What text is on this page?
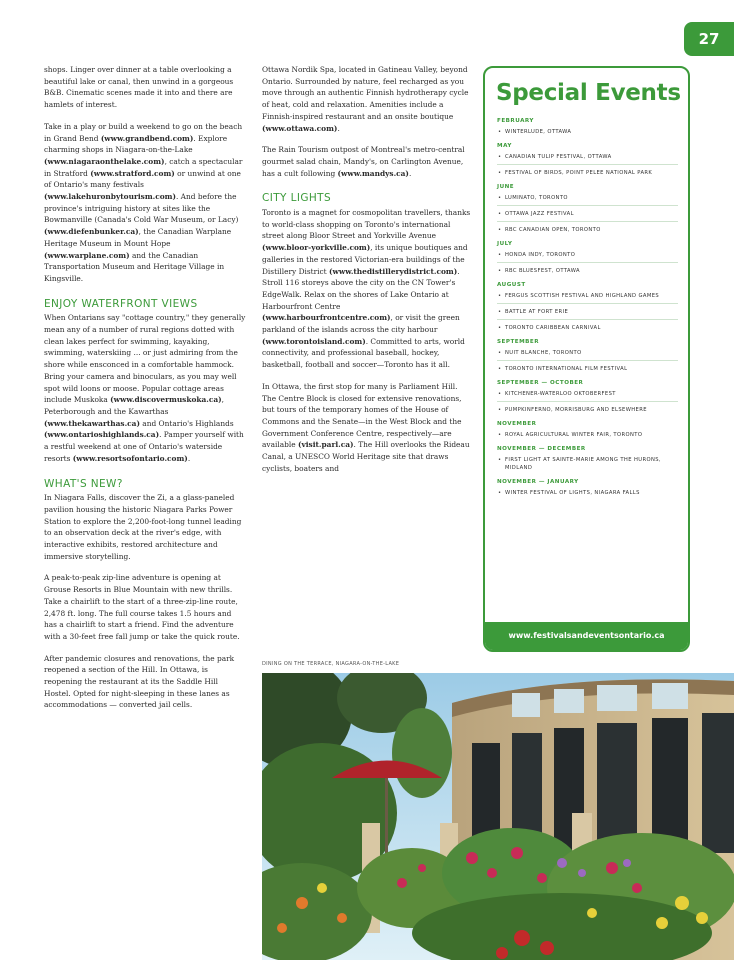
27

shops. Linger over dinner at a table overlooking a beautiful lake or canal, then unwind in a gorgeous B&B. Cinematic scenes made it into and there are hamlets of interest.

Take in a play or build a weekend to go on the beach in Grand Bend (www.grandbend.com). Explore charming shops in Niagara-on-the-Lake (www.niagaraonthelake.com), catch a spectacular in Stratford (www.stratford.com) or unwind at one of Ontario's many festivals (www.lakehuronbytourism.com). And before the province's intriguing history at sites like the Bowmanville (Canada's Cold War Museum, or Lacy) (www.diefenbunker.ca), the Canadian Warplane Heritage Museum in Mount Hope (www.warplane.com) and the Canadian Transportation Museum and Heritage Village in Kingsville.

ENJOY WATERFRONT VIEWS

When Ontarians say "cottage country," they generally mean any of a number of rural regions dotted with clean lakes perfect for swimming, kayaking, swimming, waterskiing ... or just admiring from the shore while ensconced in a comfortable hammock. Bring your camera and binoculars, as you may well spot wild loons or moose. Popular cottage areas include Muskoka (www.discovermuskoka.ca), Peterborough and the Kawarthas (www.thekawarthas.ca) and Ontario's Highlands (www.ontarioshighlands.ca). Pamper yourself with a restful weekend at one of Ontario's waterside resorts (www.resortsofontario.com).

WHAT'S NEW?

In Niagara Falls, discover the Zi, a a glass-paneled pavilion housing the historic Niagara Parks Power Station to explore the 2,200-foot-long tunnel leading to an observation deck at the river's edge, with interactive exhibits, restored architecture and immersive storytelling.

A peak-to-peak zip-line adventure is opening at Grouse Resorts in Blue Mountain with new thrills. Take a chairlift to the start of a three-zip-line route, 2,478 ft. long. The full course takes 1.5 hours and has a chairlift to start a friend. Find the adventure with a 30-feet free fall jump or take the quick route.

After pandemic closures and renovations, the park reopened a section of the Hill. In Ottawa, is reopening the restaurant at its the Saddle Hill Hostel. Opted for night-sleeping in these lanes as accommodations — converted jail cells.

Ottawa Nordik Spa, located in Gatineau Valley, beyond Ontario. Surrounded by nature, feel recharged as you move through an authentic Finnish hydrotherapy cycle of heat, cold and relaxation. Amenities include a Finnish-inspired restaurant and an onsite boutique (www.ottawa.com).

The Rain Tourism outpost of Montreal's metro-central gourmet salad chain, Mandy's, on Carlington Avenue, has a cult following (www.mandys.ca).

CITY LIGHTS

Toronto is a magnet for cosmopolitan travellers, thanks to world-class shopping on Toronto's international street along Bloor Street and Yorkville Avenue (www.bloor-yorkville.com), its unique boutiques and galleries in the restored Victorian-era buildings of the Distillery District (www.thedistillerydistrict.com). Stroll 116 storeys above the city on the CN Tower's EdgeWalk. Relax on the shores of Lake Ontario at Harbourfront Centre (www.harbourfrontcentre.com), or visit the green parkland of the islands across the city harbour (www.torontoisland.com). Committed to arts, world connectivity, and professional baseball, hockey, basketball, football and soccer—Toronto has it all.

In Ottawa, the first stop for many is Parliament Hill. The Centre Block is closed for extensive renovations, but tours of the temporary homes of the House of Commons and the Senate—in the West Block and the Government Conference Centre, respectively—are available (visit.parl.ca). The Hill overlooks the Rideau Canal, a UNESCO World Heritage site that draws cyclists, boaters and

Special Events
FEBRUARY
• WINTERLUDE, OTTAWA
MAY
• CANADIAN TULIP FESTIVAL, OTTAWA
• FESTIVAL OF BIRDS, POINT PELEE NATIONAL PARK
JUNE
• LUMINATO, TORONTO
• OTTAWA JAZZ FESTIVAL
• RBC CANADIAN OPEN, TORONTO
JULY
• HONDA INDY, TORONTO
• RBC BLUESFEST, OTTAWA
AUGUST
• FERGUS SCOTTISH FESTIVAL AND HIGHLAND GAMES
• BATTLE AT FORT ERIE
• TORONTO CARIBBEAN CARNIVAL
SEPTEMBER
• NUIT BLANCHE, TORONTO
• TORONTO INTERNATIONAL FILM FESTIVAL
SEPTEMBER — OCTOBER
• KITCHENER-WATERLOO OKTOBERFEST
• PUMPKINFERNO, MORRISBURG AND ELSEWHERE
NOVEMBER
• ROYAL AGRICULTURAL WINTER FAIR, TORONTO
NOVEMBER — DECEMBER
• FIRST LIGHT AT SAINTE-MARIE AMONG THE HURONS, MIDLAND
NOVEMBER — JANUARY
• WINTER FESTIVAL OF LIGHTS, NIAGARA FALLS
www.festivalsandeventsontario.ca
DINING ON THE TERRACE, NIAGARA-ON-THE-LAKE
